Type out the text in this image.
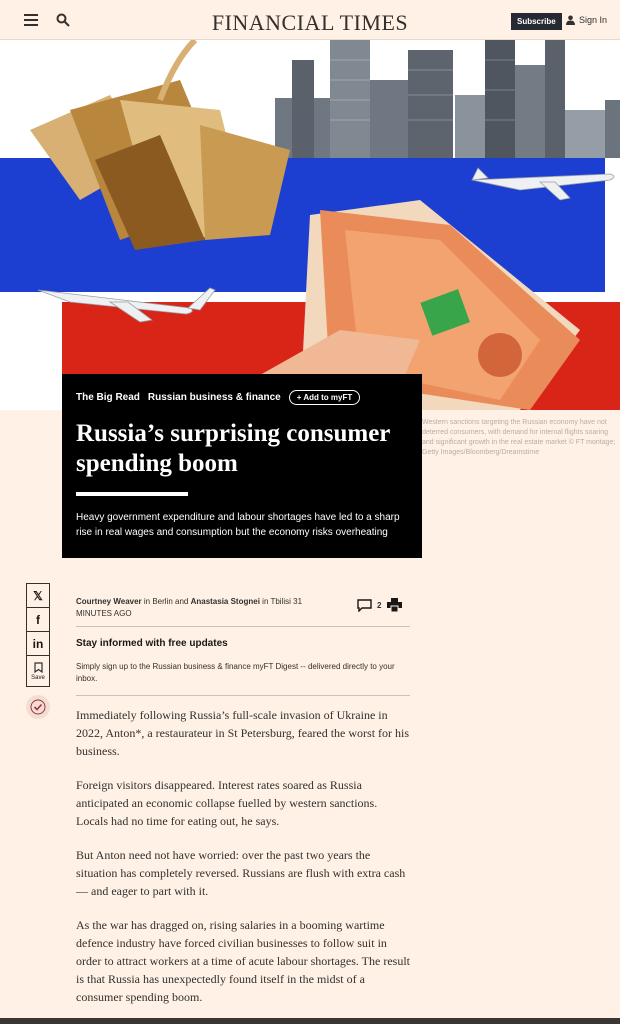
FINANCIAL TIMES	Subscribe	Sign In
Western sanctions targeting the Russian economy have not deterred consumers, with demand for internal flights soaring and significant growth in the real estate market © FT montage; Getty Images/Bloomberg/Dreamstime
The Big Read Russian business & finance	+ Add to myFT
Russia’s surprising consumer spending boom
Heavy government expenditure and labour shortages have led to a sharp rise in real wages and consumption but the economy risks overheating
𝕏
f
in
Save
Courtney Weaver in Berlin and Anastasia Stognei in Tbilisi 31 MINUTES AGO
2
Stay informed with free updates
Simply sign up to the Russian business & finance myFT Digest -- delivered directly to your inbox.

Immediately following Russia’s full-scale invasion of Ukraine in 2022, Anton*, a restaurateur in St Petersburg, feared the worst for his business.

Foreign visitors disappeared. Interest rates soared as Russia anticipated an economic collapse fuelled by western sanctions. Locals had no time for eating out, he says.

But Anton need not have worried: over the past two years the situation has completely reversed. Russians are flush with extra cash — and eager to part with it.

As the war has dragged on, rising salaries in a booming wartime defence industry have forced civilian businesses to follow suit in order to attract workers at a time of acute labour shortages. The result is that Russia has unexpectedly found itself in the midst of a consumer spending boom.
